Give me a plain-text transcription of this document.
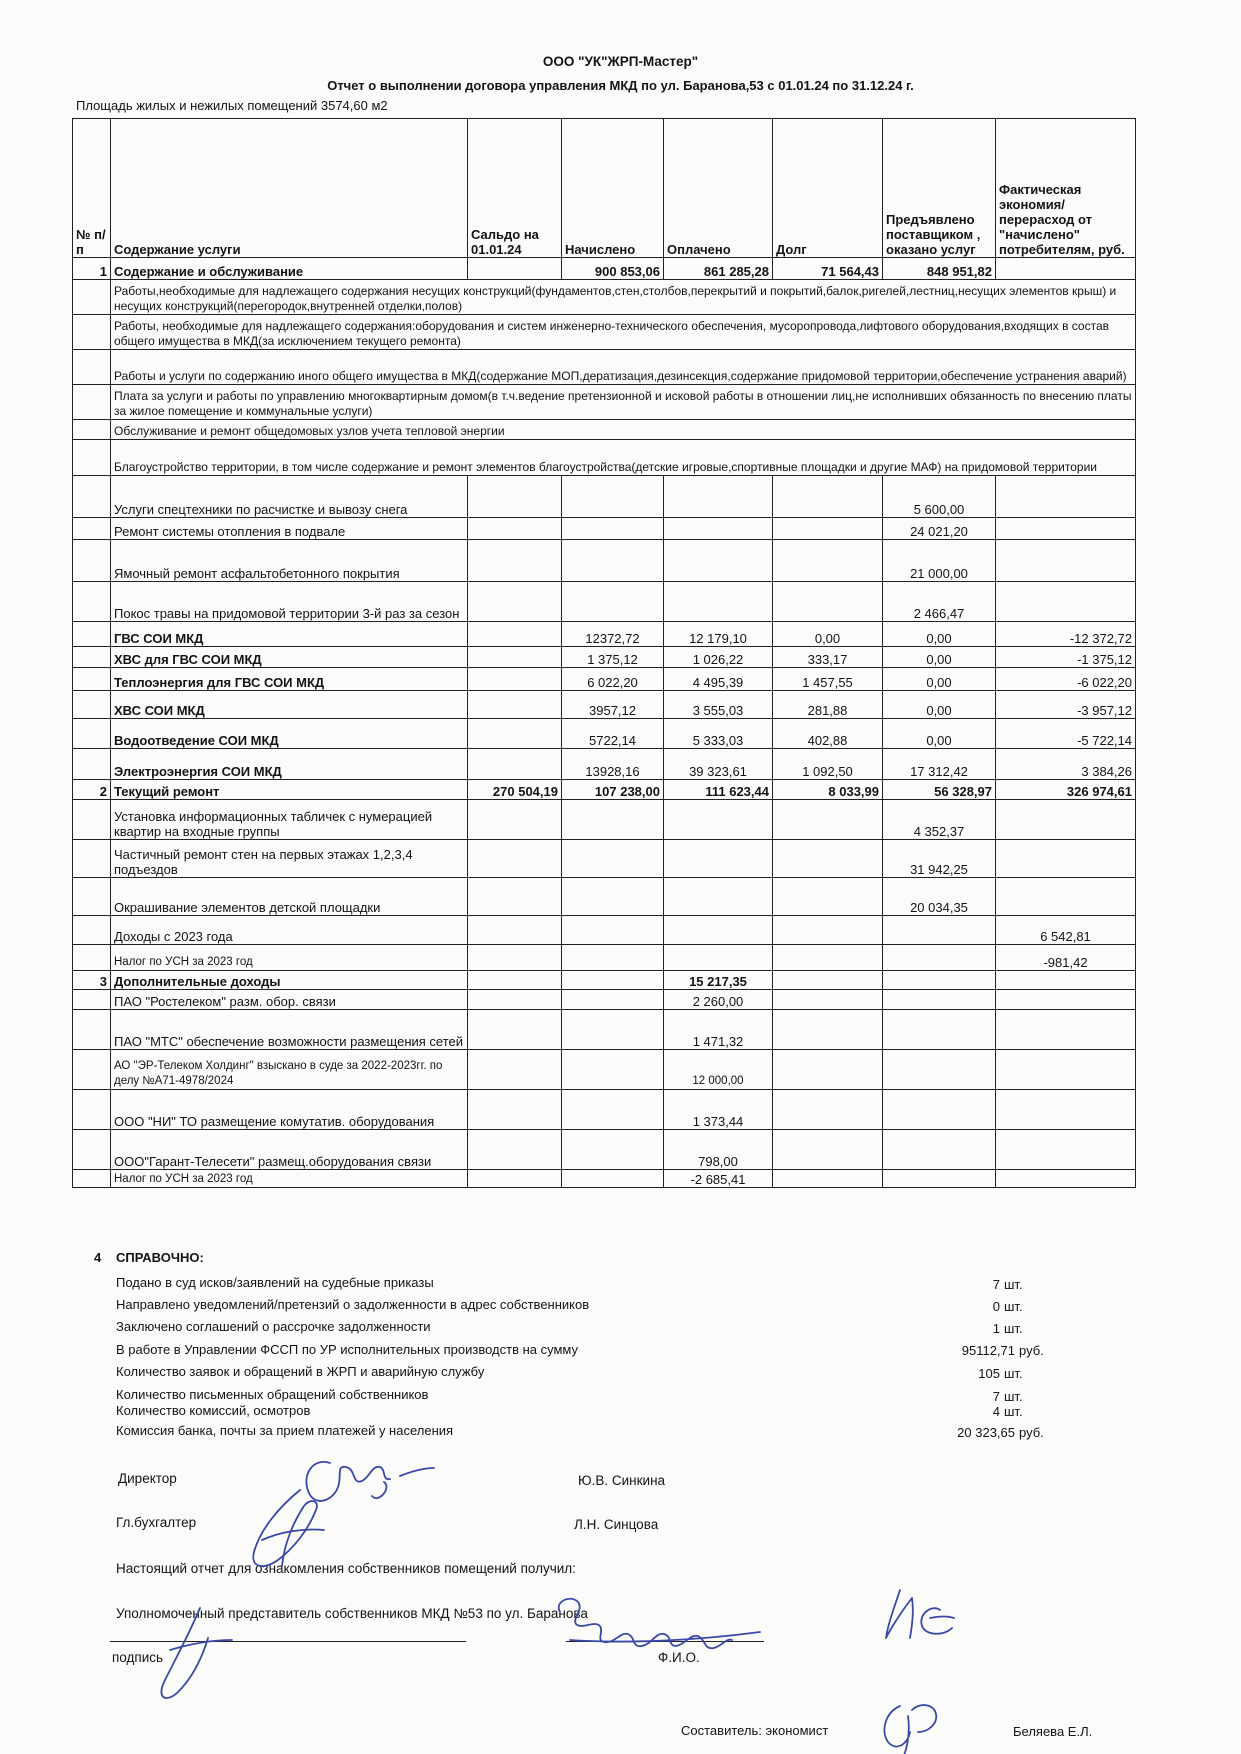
ООО "УК"ЖРП-Мастер"
Отчет о выполнении договора управления МКД по ул. Баранова,53 с 01.01.24 по 31.12.24 г.
Площадь жилых и нежилых помещений 3574,60 м2
№ п/п	Содержание услуги	Сальдо на 01.01.24	Начислено	Оплачено	Долг	Предъявлено поставщиком , оказано услуг	Фактическая экономия/перерасход от "начислено" потребителям, руб.
1	Содержание и обслуживание		900 853,06	861 285,28	71 564,43	848 951,82	
	Работы,необходимые для надлежащего содержания несущих конструкций(фундаментов,стен,столбов,перекрытий и покрытий,балок,ригелей,лестниц,несущих элементов крыш) и несущих конструкций(перегородок,внутренней отделки,полов)						
	Работы, необходимые для надлежащего содержания:оборудования и систем инженерно-технического обеспечения, мусоропровода,лифтового оборудования,входящих в состав общего имущества в МКД(за исключением текущего ремонта)						
	Работы и услуги по содержанию иного общего имущества в МКД(содержание МОП,дератизация,дезинсекция,содержание придомовой территории,обеспечение устранения аварий)						
	Плата за услуги и работы по управлению многоквартирным домом(в т.ч.ведение претензионной и исковой работы в отношении лиц,не исполнивших обязанность по внесению платы за жилое помещение и коммунальные услуги)						
	Обслуживание и ремонт общедомовых узлов учета тепловой энергии						
	Благоустройство территории, в том числе содержание и ремонт элементов благоустройства(детские игровые,спортивные площадки и другие МАФ) на придомовой территории						
	Услуги спецтехники по расчистке и вывозу снега					5 600,00	
	Ремонт системы отопления в подвале					24 021,20	
	Ямочный ремонт асфальтобетонного покрытия					21 000,00	
	Покос травы на придомовой территории 3-й раз за сезон					2 466,47	
	ГВС СОИ МКД		12372,72	12 179,10	0,00	0,00	-12 372,72
	ХВС для ГВС СОИ МКД		1 375,12	1 026,22	333,17	0,00	-1 375,12
	Теплоэнергия для ГВС СОИ МКД		6 022,20	4 495,39	1 457,55	0,00	-6 022,20
	ХВС СОИ МКД		3957,12	3 555,03	281,88	0,00	-3 957,12
	Водоотведение СОИ МКД		5722,14	5 333,03	402,88	0,00	-5 722,14
	Электроэнергия СОИ МКД		13928,16	39 323,61	1 092,50	17 312,42	3 384,26
2	Текущий ремонт	270 504,19	107 238,00	111 623,44	8 033,99	56 328,97	326 974,61
	Установка информационных табличек с нумерацией квартир на входные группы					4 352,37	
	Частичный ремонт стен на первых этажах 1,2,3,4 подъездов					31 942,25	
	Окрашивание элементов детской площадки					20 034,35	
	Доходы с 2023 года						6 542,81
	Налог по УСН за 2023 год						-981,42
3	Дополнительные доходы			15 217,35			
	ПАО "Ростелеком" разм. обор. связи			2 260,00			
	ПАО "МТС" обеспечение возможности размещения сетей			1 471,32			
	АО "ЭР-Телеком Холдинг" взыскано в суде за 2022-2023гг. по делу №А71-4978/2024			12 000,00			
	ООО "НИ" ТО размещение комутатив. оборудования			1 373,44			
	ООО"Гарант-Телесети" размещ.оборудования связи			798,00			
	Налог по УСН за 2023 год			-2 685,41			
4 СПРАВОЧНО:
Подано в суд исков/заявлений на судебные приказы	7 шт.
Направлено уведомлений/претензий о задолженности в адрес собственников	0 шт.
Заключено соглашений о рассрочке задолженности	1 шт.
В работе в Управлении ФССП по УР исполнительных производств на сумму	95112,71 руб.
Количество заявок и обращений в ЖРП и аварийную службу	105 шт.
Количество письменных обращений собственников	7 шт.
Количество комиссий, осмотров	4 шт.
Комиссия банка, почты за прием платежей у населения	20 323,65 руб.
Директор	Ю.В. Синкина
Гл.бухгалтер	Л.Н. Синцова
Настоящий отчет для ознакомления собственников помещений получил:
Уполномоченный представитель собственников МКД №53 по ул. Баранова
подпись	Ф.И.О.
Составитель: экономист	Беляева Е.Л.
